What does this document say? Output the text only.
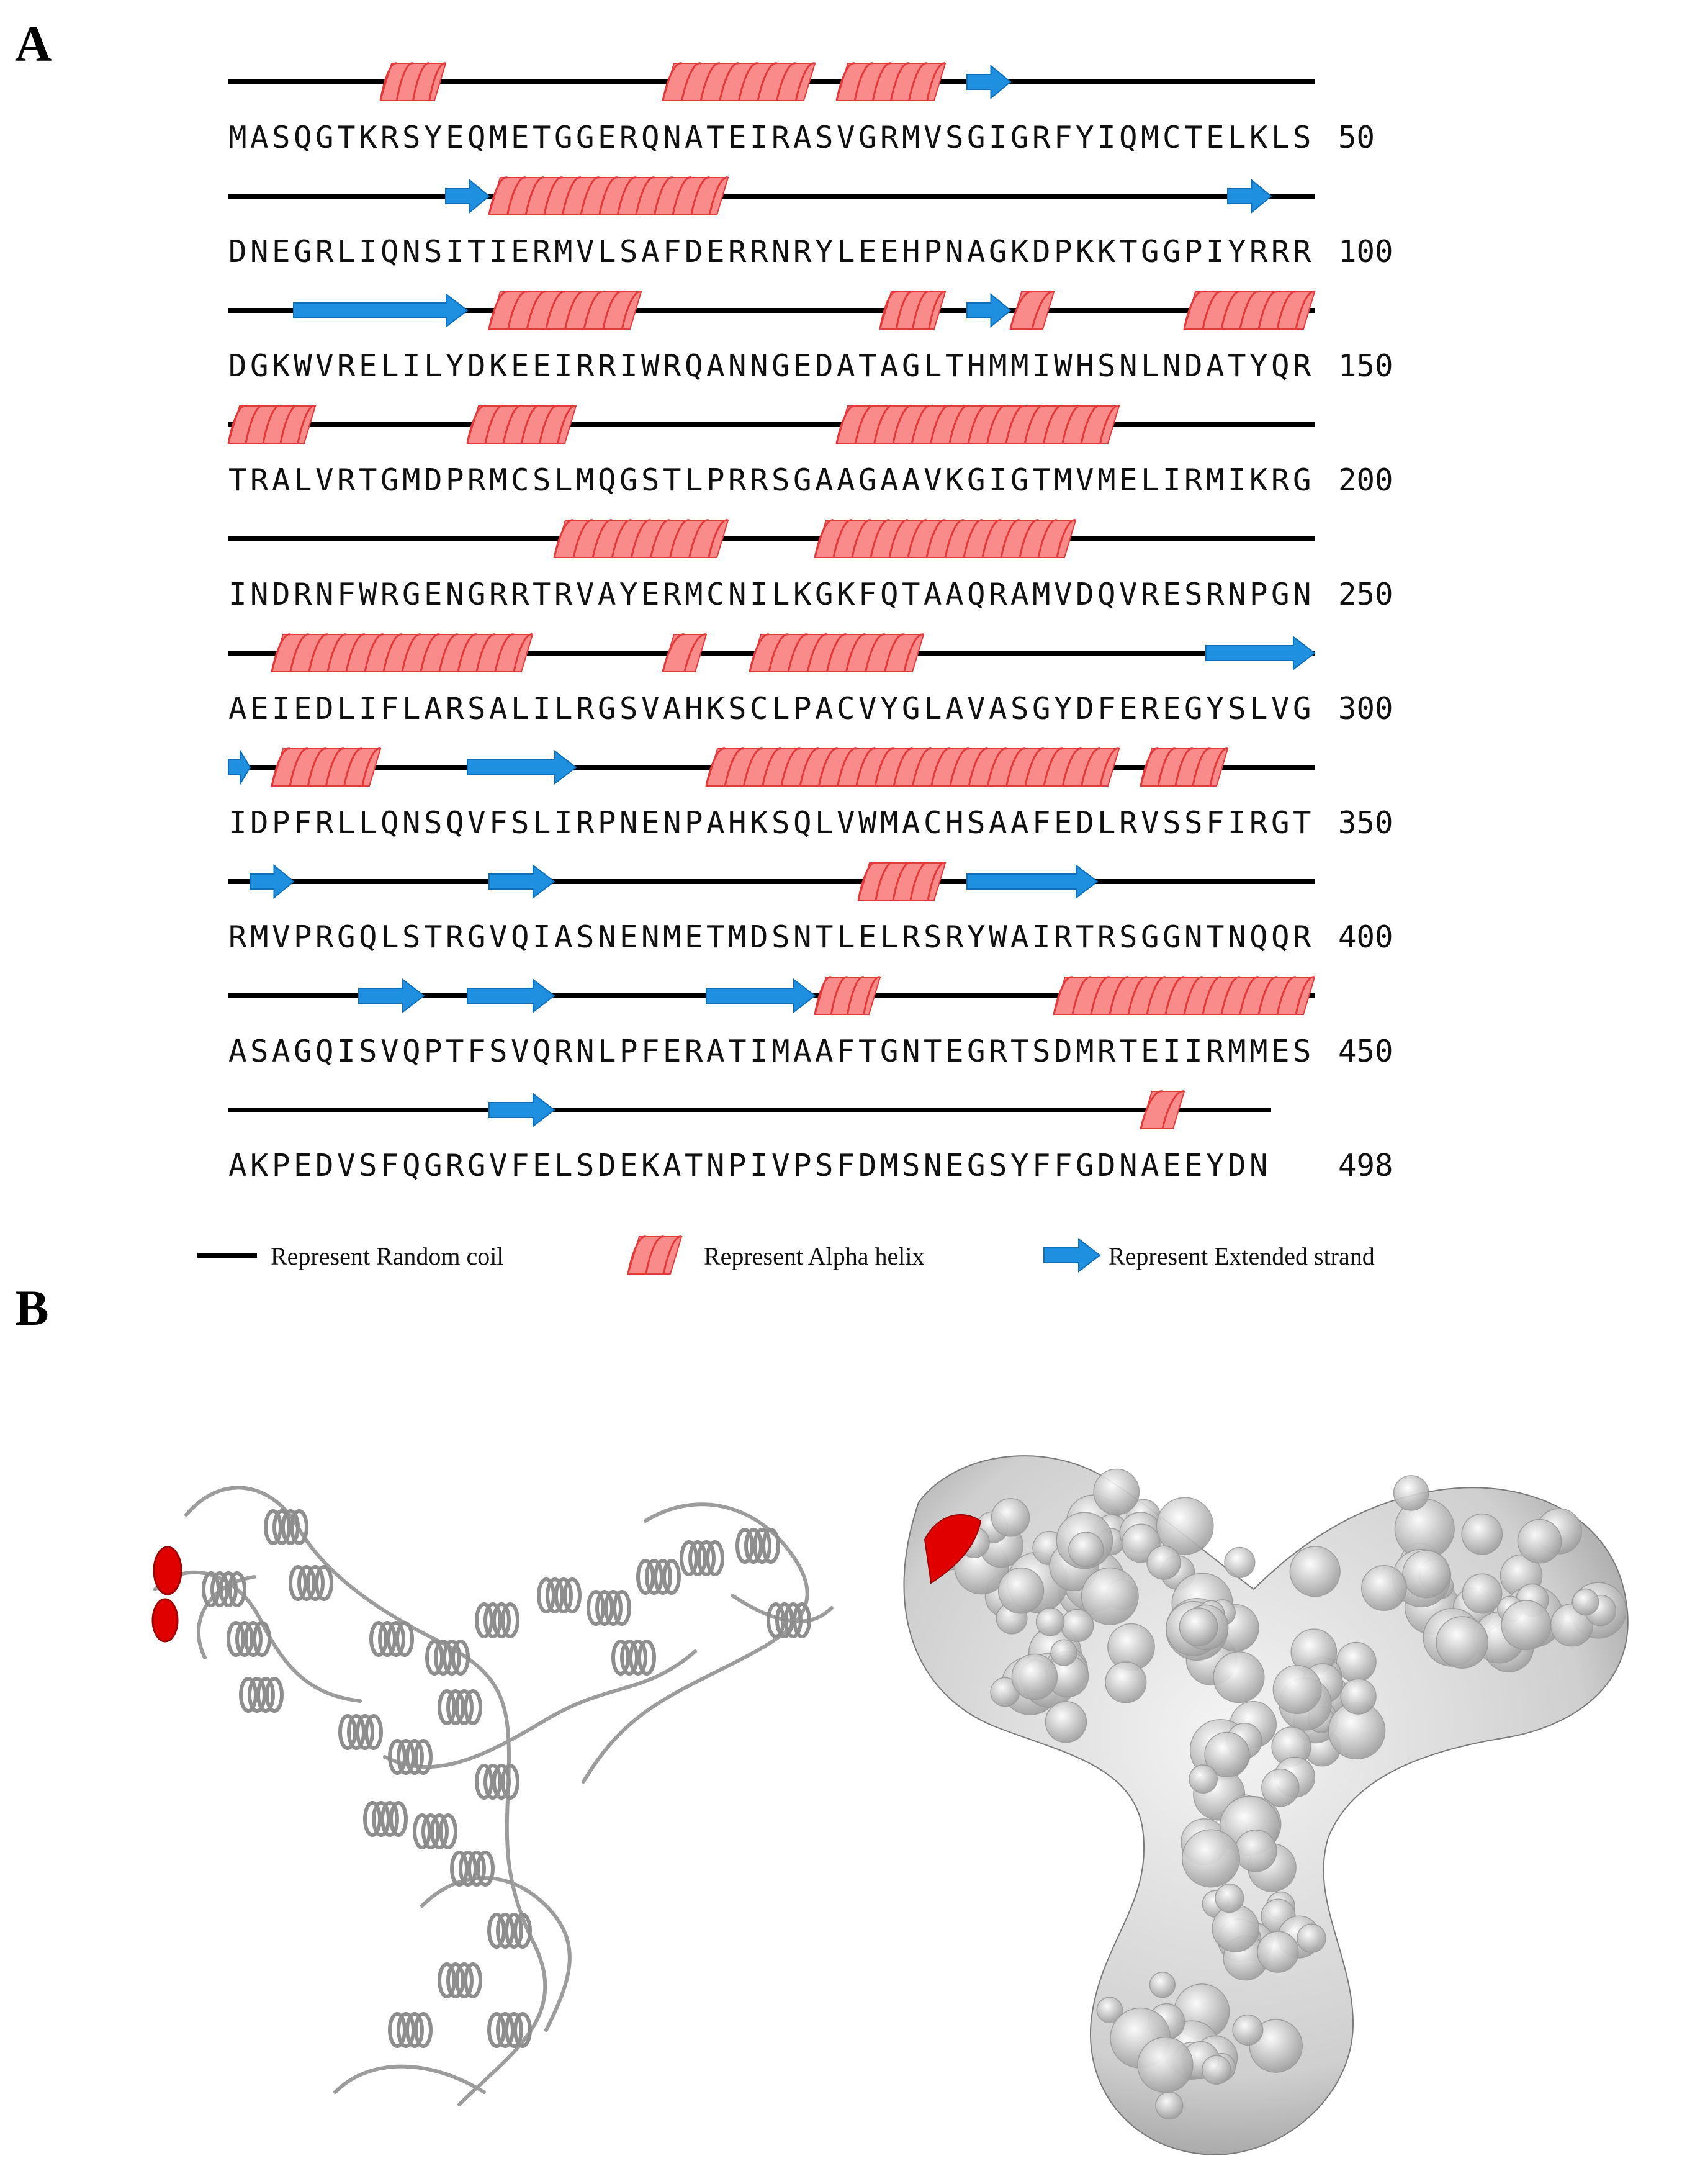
A
B
MASQGTKRSYEQMETGGERQNATEIRASVGRMVSGIGRFYIQMCTELKLS 50
DNEGRLIQNSITIERMVLSAFDERRNRYLEEHPNAGKDPKKTGGPIYRRR 100
DGKWVRELILYDKEEIRRIWRQANNGEDATAGLTHMMIWHSNLNDATYQR 150
TRALVRTGMDPRMCSLMQGSTLPRRSGAAGAAVKGIGTMVMELIRMIKRG 200
INDRNFWRGENGRRTRVAYERMCNILKGKFQTAAQRAMVDQVRESRNPGN 250
AEIEDLIFLARSALILRGSVAHKSCLPACVYGLAVASGYDFEREGYSLVG 300
IDPFRLLQNSQVFSLIRPNENPAHKSQLVWMACHSAAFEDLRVSSFIRGT 350
RMVPRGQLSTRGVQIASNENMETMDSNTLELRSRYWAIRTRSGGNTNQQR 400
ASAGQISVQPTFSVQRNLPFERATIMAAFTGNTEGRTSDMRTEIIRMMES 450
AKPEDVSFQGRGVFELSDEKATNPIVPSFDMSNEGSYFFGDNAEEYDN 498
Represent Random coil	Represent Alpha helix	Represent Extended strand
